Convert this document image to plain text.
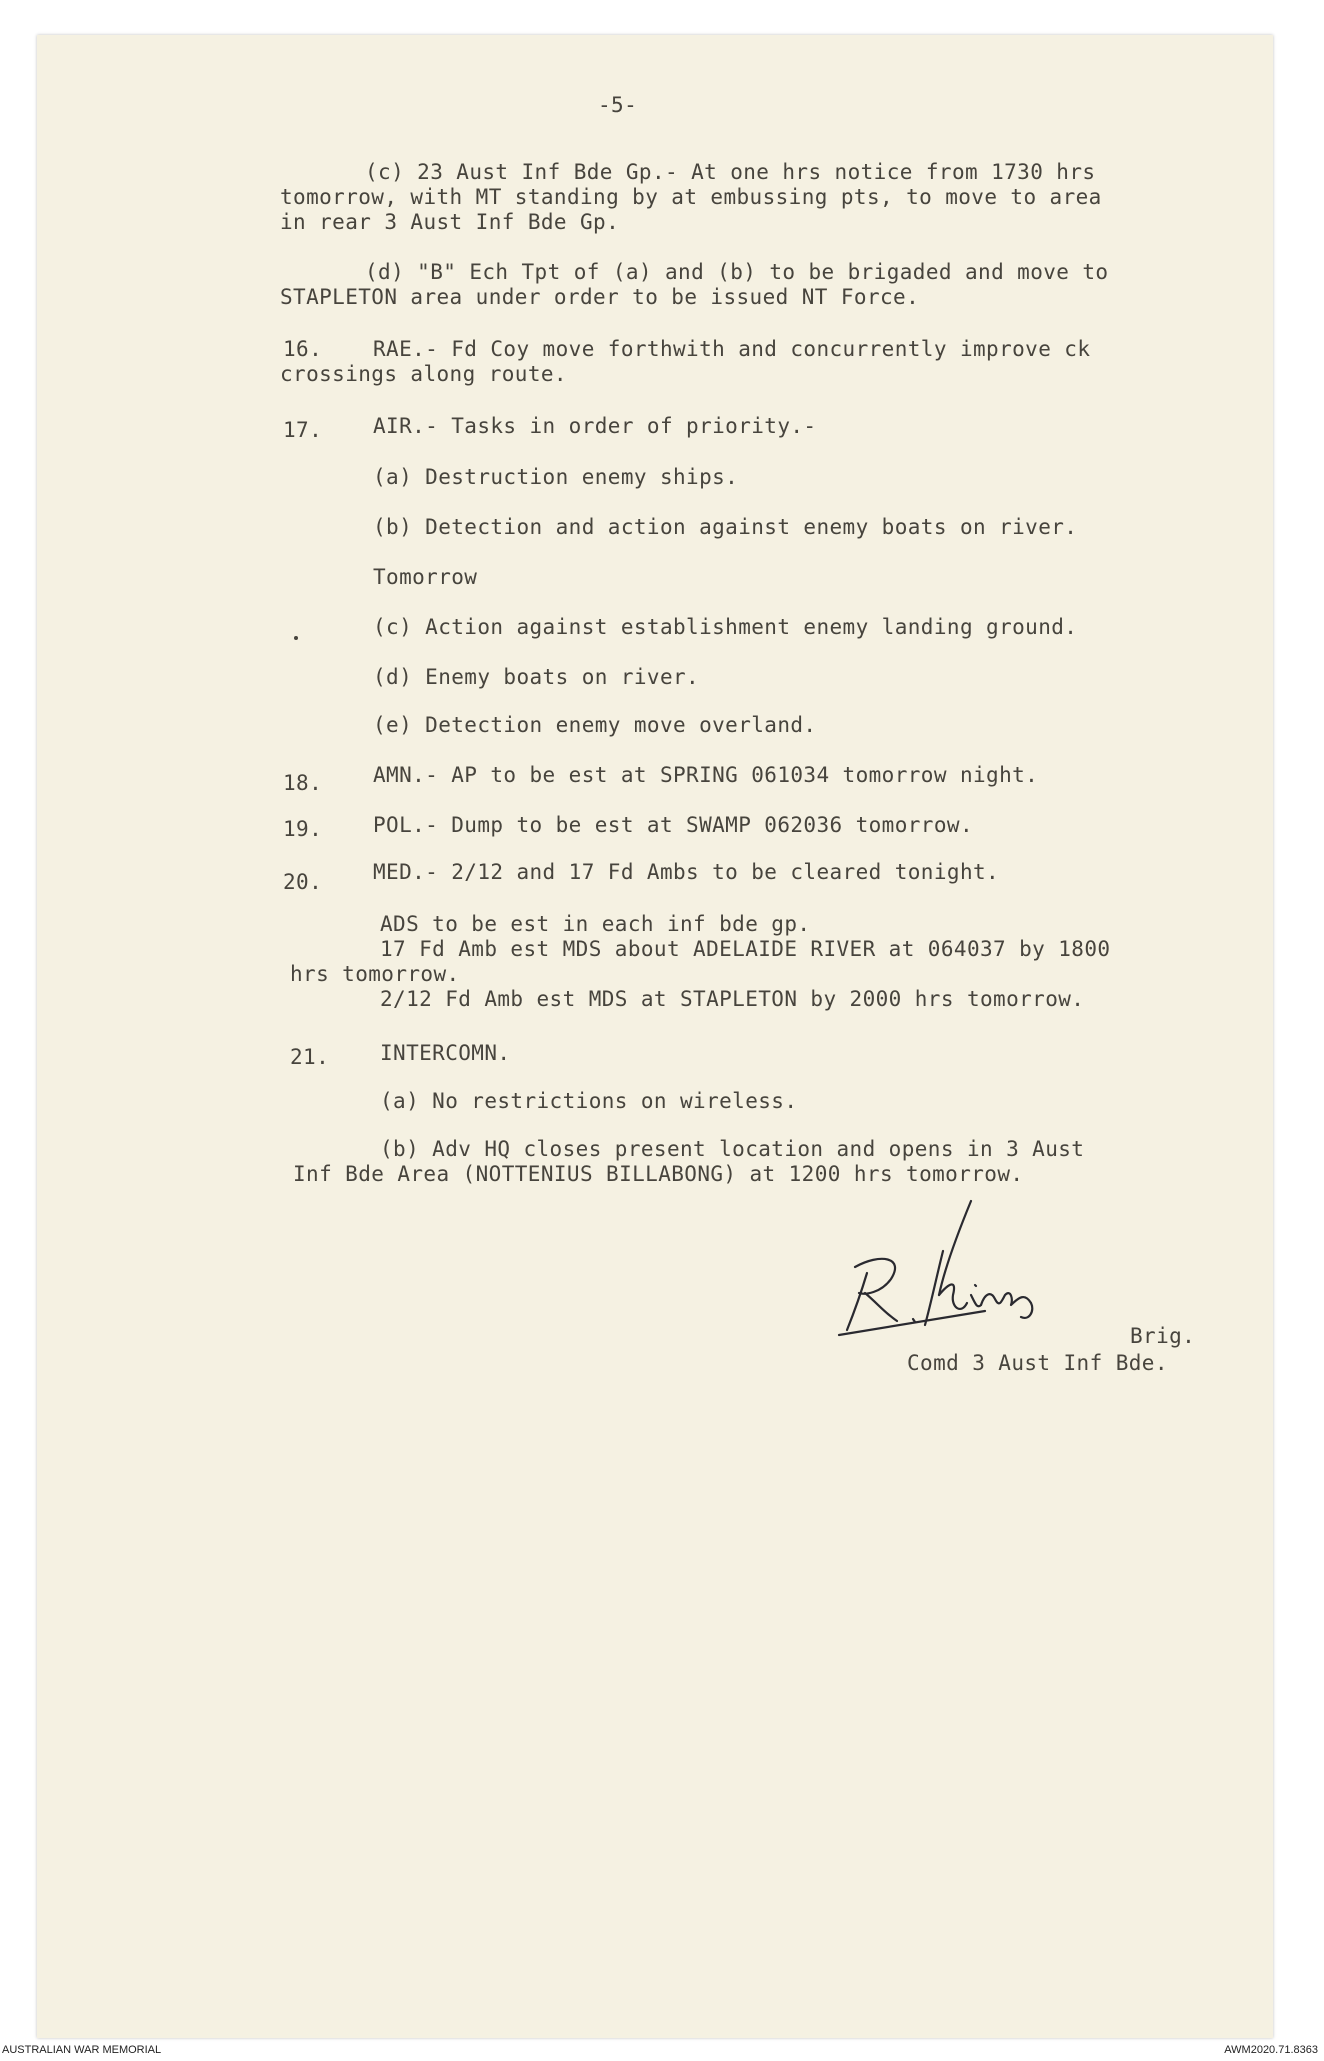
-5-
(c) 23 Aust Inf Bde Gp.- At one hrs notice from 1730 hrs
tomorrow, with MT standing by at embussing pts, to move to area
in rear 3 Aust Inf Bde Gp.
(d) "B" Ech Tpt of (a) and (b) to be brigaded and move to
STAPLETON area under order to be issued NT Force.
16. RAE.- Fd Coy move forthwith and concurrently improve ck
crossings along route.
17. AIR.- Tasks in order of priority.-
(a) Destruction enemy ships.
(b) Detection and action against enemy boats on river.
Tomorrow
(c) Action against establishment enemy landing ground.
(d) Enemy boats on river.
(e) Detection enemy move overland.
18. AMN.- AP to be est at SPRING 061034 tomorrow night.
19. POL.- Dump to be est at SWAMP 062036 tomorrow.
20. MED.- 2/12 and 17 Fd Ambs to be cleared tonight.
ADS to be est in each inf bde gp.
17 Fd Amb est MDS about ADELAIDE RIVER at 064037 by 1800
hrs tomorrow.
2/12 Fd Amb est MDS at STAPLETON by 2000 hrs tomorrow.
21. INTERCOMN.
(a) No restrictions on wireless.
(b) Adv HQ closes present location and opens in 3 Aust
Inf Bde Area (NOTTENIUS BILLABONG) at 1200 hrs tomorrow.
Brig.
Comd 3 Aust Inf Bde.
AUSTRALIAN WAR MEMORIAL	AWM2020.71.8363
